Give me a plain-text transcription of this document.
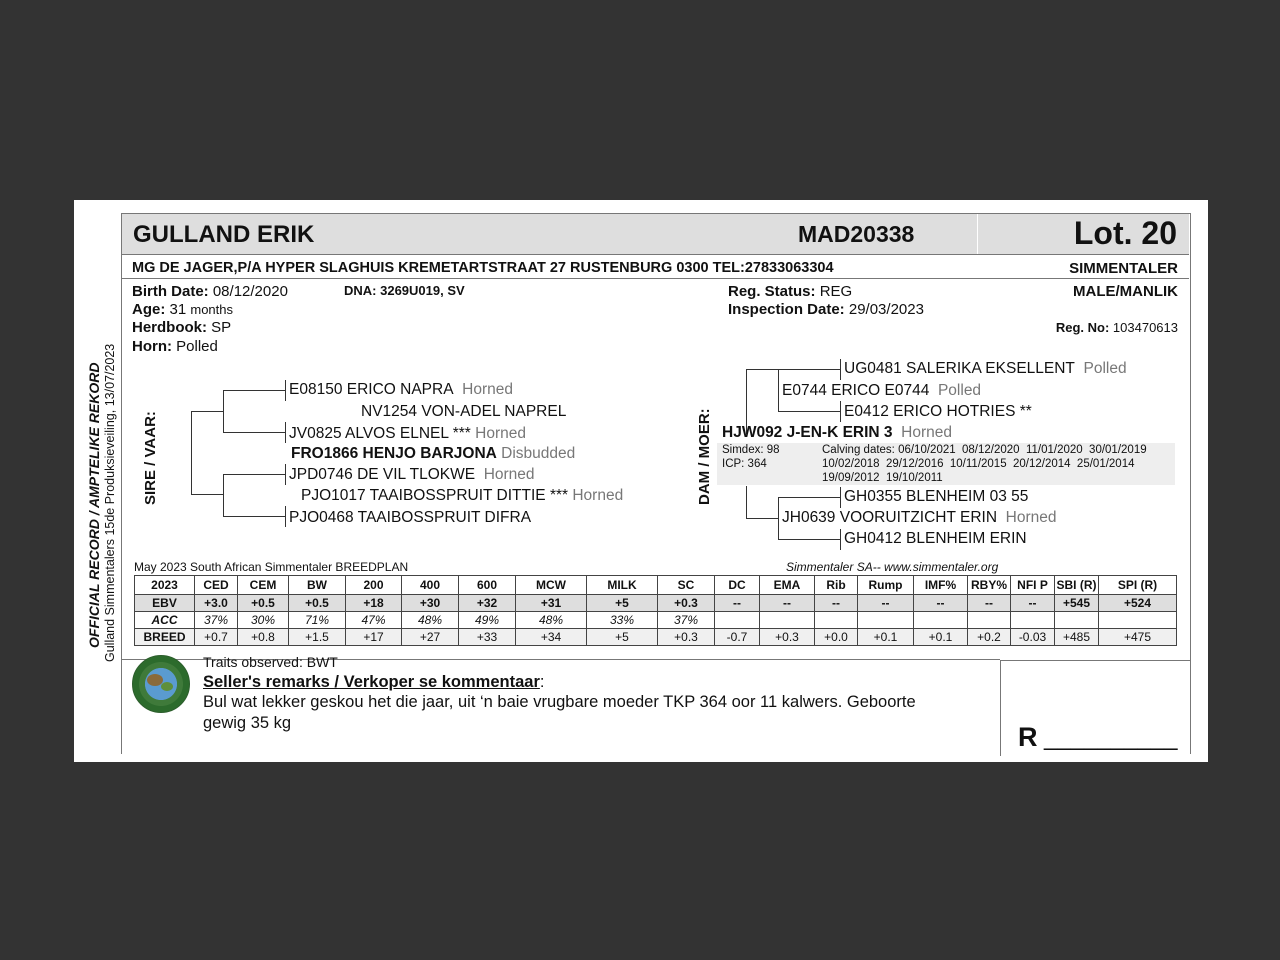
OFFICIAL RECORD / AMPTELIKE REKORD Gulland Simmentalers 15de Produksieveiling, 13/07/2023
GULLAND ERIK	MAD20338	Lot. 20
MG DE JAGER,P/A HYPER SLAGHUIS KREMETARTSTRAAT 27 RUSTENBURG 0300 TEL:27833063304	SIMMENTALER
Birth Date: 08/12/2020	DNA: 3269U019, SV
Age: 31 months
Herdbook: SP
Horn: Polled
Reg. Status: REG
Inspection Date: 29/03/2023
MALE/MANLIK
Reg. No: 103470613
SIRE / VAAR:
E08150 ERICO NAPRA Horned
NV1254 VON-ADEL NAPREL
JV0825 ALVOS ELNEL *** Horned
FRO1866 HENJO BARJONA Disbudded
JPD0746 DE VIL TLOKWE Horned
PJO1017 TAAIBOSSPRUIT DITTIE *** Horned
PJO0468 TAAIBOSSPRUIT DIFRA
DAM / MOER:
UG0481 SALERIKA EKSELLENT Polled
E0744 ERICO E0744 Polled
E0412 ERICO HOTRIES **
HJW092 J-EN-K ERIN 3 Horned
Simdex: 98
ICP: 364
Calving dates: 06/10/2021  08/12/2020  11/01/2020  30/01/2019
10/02/2018  29/12/2016  10/11/2015  20/12/2014  25/01/2014
19/09/2012  19/10/2011
GH0355 BLENHEIM 03 55
JH0639 VOORUITZICHT ERIN Horned
GH0412 BLENHEIM ERIN
May 2023 South African Simmentaler BREEDPLAN	Simmentaler SA-- www.simmentaler.org
2023	CED	CEM	BW	200	400	600	MCW	MILK	SC	DC	EMA	Rib	Rump	IMF%	RBY%	NFI P	SBI (R)	SPI (R)
EBV	+3.0	+0.5	+0.5	+18	+30	+32	+31	+5	+0.3	--	--	--	--	--	--	--	+545	+524
ACC	37%	30%	71%	47%	48%	49%	48%	33%	37%									
BREED	+0.7	+0.8	+1.5	+17	+27	+33	+34	+5	+0.3	-0.7	+0.3	+0.0	+0.1	+0.1	+0.2	-0.03	+485	+475
Traits observed: BWT
Seller's remarks / Verkoper se kommentaar:
Bul wat lekker geskou het die jaar, uit ‘n baie vrugbare moeder TKP 364 oor 11 kalwers. Geboorte
gewig 35 kg	R __________
